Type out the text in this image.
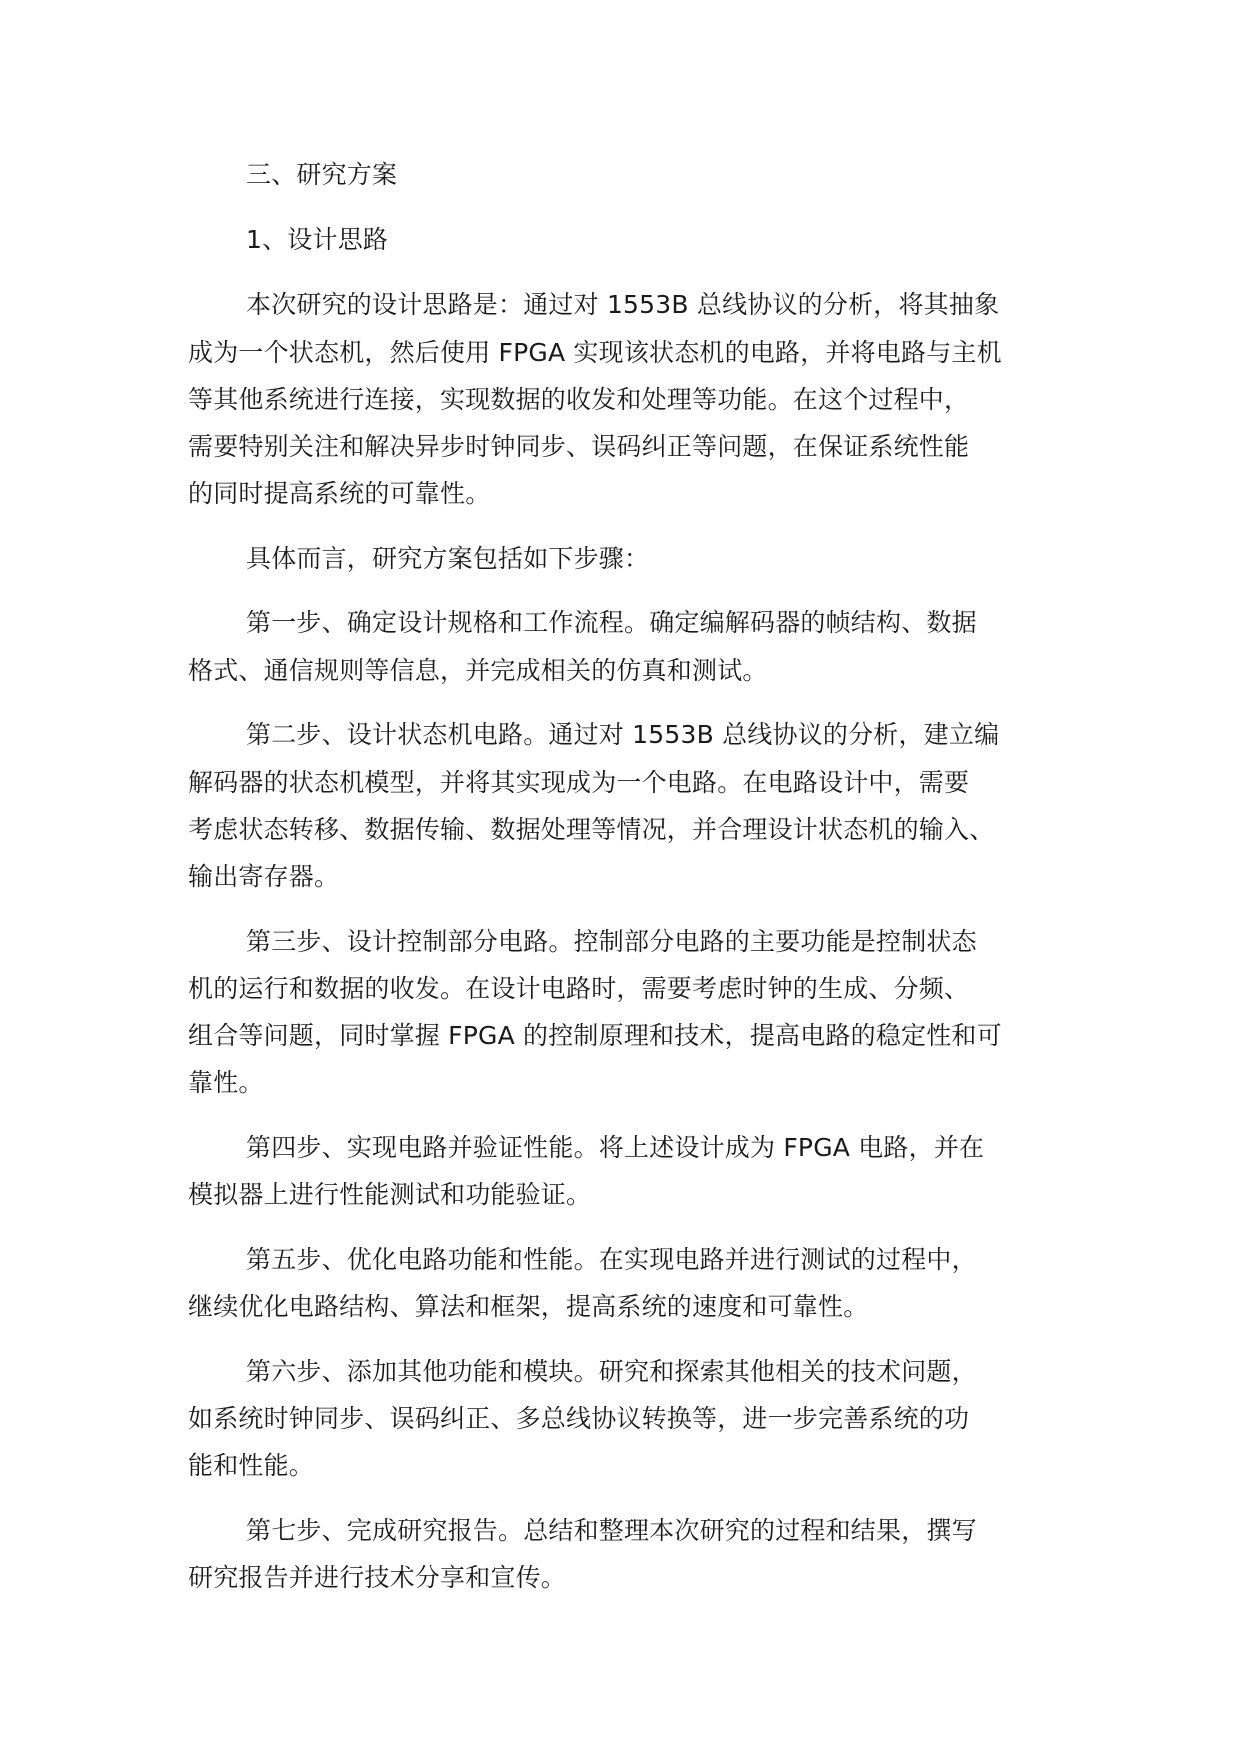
三、研究方案
1、设计思路
本次研究的设计思路是：通过对 1553B 总线协议的分析，将其抽象
成为一个状态机，然后使用 FPGA 实现该状态机的电路，并将电路与主机
等其他系统进行连接，实现数据的收发和处理等功能。在这个过程中，
需要特别关注和解决异步时钟同步、误码纠正等问题，在保证系统性能
的同时提高系统的可靠性。
具体而言，研究方案包括如下步骤：
第一步、确定设计规格和工作流程。确定编解码器的帧结构、数据
格式、通信规则等信息，并完成相关的仿真和测试。
第二步、设计状态机电路。通过对 1553B 总线协议的分析，建立编
解码器的状态机模型，并将其实现成为一个电路。在电路设计中，需要
考虑状态转移、数据传输、数据处理等情况，并合理设计状态机的输入、
输出寄存器。
第三步、设计控制部分电路。控制部分电路的主要功能是控制状态
机的运行和数据的收发。在设计电路时，需要考虑时钟的生成、分频、
组合等问题，同时掌握 FPGA 的控制原理和技术，提高电路的稳定性和可
靠性。
第四步、实现电路并验证性能。将上述设计成为 FPGA 电路，并在
模拟器上进行性能测试和功能验证。
第五步、优化电路功能和性能。在实现电路并进行测试的过程中，
继续优化电路结构、算法和框架，提高系统的速度和可靠性。
第六步、添加其他功能和模块。研究和探索其他相关的技术问题，
如系统时钟同步、误码纠正、多总线协议转换等，进一步完善系统的功
能和性能。
第七步、完成研究报告。总结和整理本次研究的过程和结果，撰写
研究报告并进行技术分享和宣传。
